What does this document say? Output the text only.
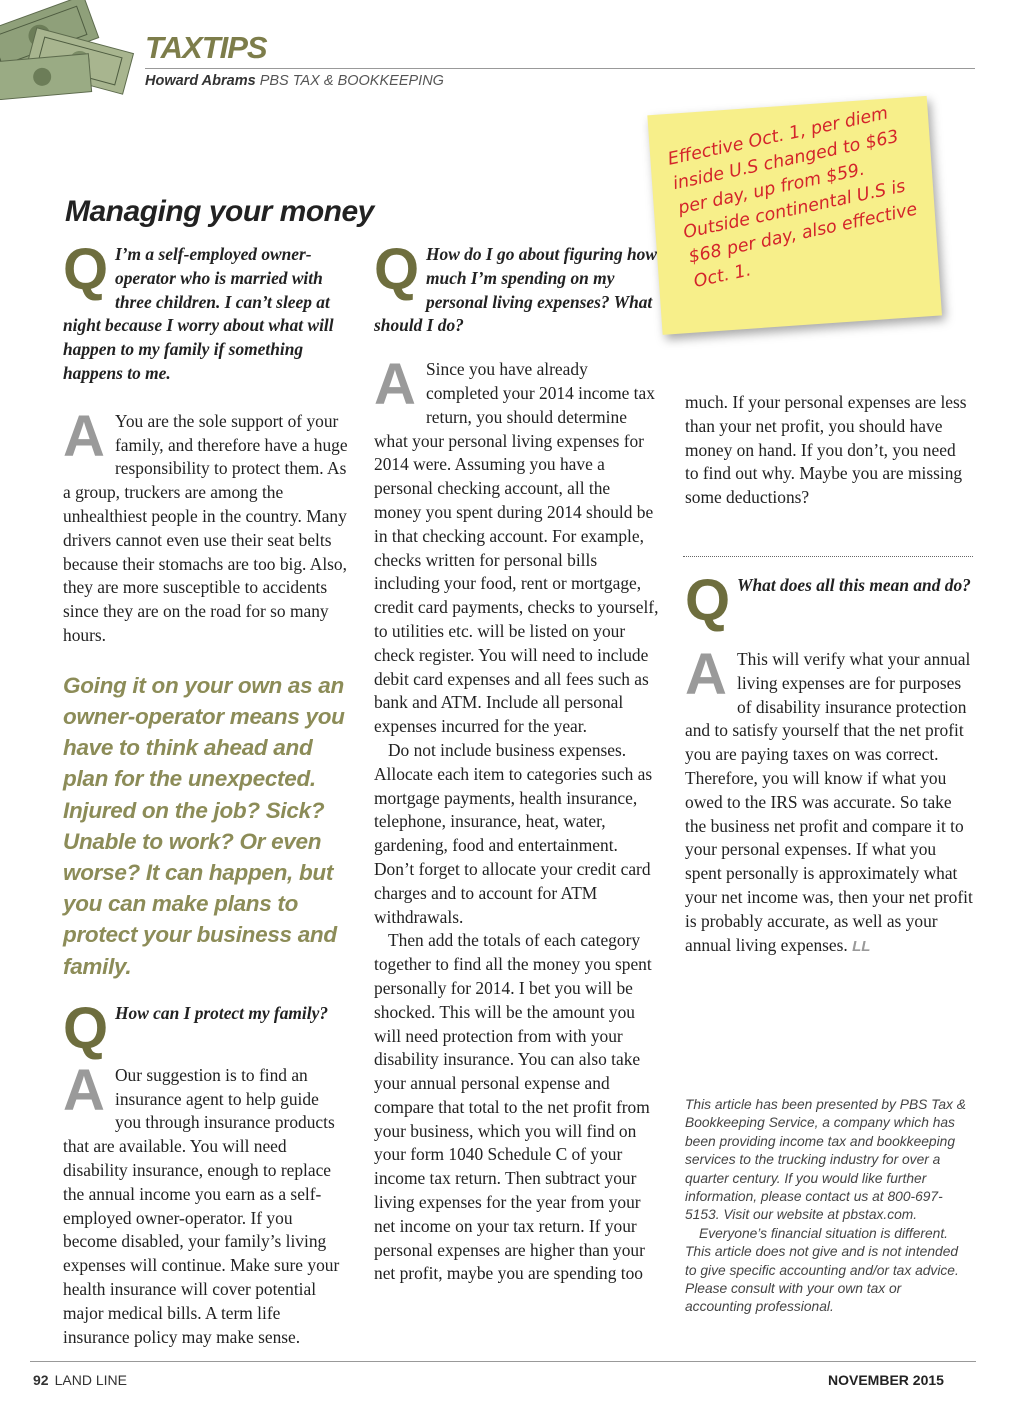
TAXTIPS
Howard Abrams PBS TAX & BOOKKEEPING
Effective Oct. 1, per diem inside U.S changed to $63 per day, up from $59. Outside continental U.S is $68 per day, also effective Oct. 1.
Managing your money
Q I’m a self-employed owner-operator who is married with three children. I can’t sleep at night because I worry about what will happen to my family if something happens to me.

A You are the sole support of your family, and therefore have a huge responsibility to protect them. As a group, truckers are among the unhealthiest people in the country. Many drivers cannot even use their seat belts because their stomachs are too big. Also, they are more susceptible to accidents since they are on the road for so many hours.

Going it on your own as an owner-operator means you have to think ahead and plan for the unexpected. Injured on the job? Sick? Unable to work? Or even worse? It can happen, but you can make plans to protect your business and family.

Q How can I protect my family?

A Our suggestion is to find an insurance agent to help guide you through insurance products that are available. You will need disability insurance, enough to replace the annual income you earn as a self-employed owner-operator. If you become disabled, your family’s living expenses will continue. Make sure your health insurance will cover potential major medical bills. A term life insurance policy may make sense.

Q How do I go about figuring how much I’m spending on my personal living expenses? What should I do?

A Since you have already completed your 2014 income tax return, you should determine what your personal living expenses for 2014 were. Assuming you have a personal checking account, all the money you spent during 2014 should be in that checking account. For example, checks written for personal bills including your food, rent or mortgage, credit card payments, checks to yourself, to utilities etc. will be listed on your check register. You will need to include debit card expenses and all fees such as bank and ATM. Include all personal expenses incurred for the year.

Do not include business expenses. Allocate each item to categories such as mortgage payments, health insurance, telephone, insurance, heat, water, gardening, food and entertainment. Don’t forget to allocate your credit card charges and to account for ATM withdrawals.

Then add the totals of each category together to find all the money you spent personally for 2014. I bet you will be shocked. This will be the amount you will need protection from with your disability insurance. You can also take your annual personal expense and compare that total to the net profit from your business, which you will find on your form 1040 Schedule C of your income tax return. Then subtract your living expenses for the year from your net income on your tax return. If your personal expenses are higher than your net profit, maybe you are spending too

much. If your personal expenses are less than your net profit, you should have money on hand. If you don’t, you need to find out why. Maybe you are missing some deductions?

Q What does all this mean and do?

A This will verify what your annual living expenses are for purposes of disability insurance protection and to satisfy yourself that the net profit you are paying taxes on was correct. Therefore, you will know if what you owed to the IRS was accurate. So take the business net profit and compare it to your personal expenses. If what you spent personally is approximately what your net income was, then your net profit is probably accurate, as well as your annual living expenses. LL

This article has been presented by PBS Tax & Bookkeeping Service, a company which has been providing income tax and bookkeeping services to the trucking industry for over a quarter century. If you would like further information, please contact us at 800-697-5153. Visit our website at pbstax.com.

Everyone’s financial situation is different. This article does not give and is not intended to give specific accounting and/or tax advice. Please consult with your own tax or accounting professional.

92 LAND LINE	NOVEMBER 2015
